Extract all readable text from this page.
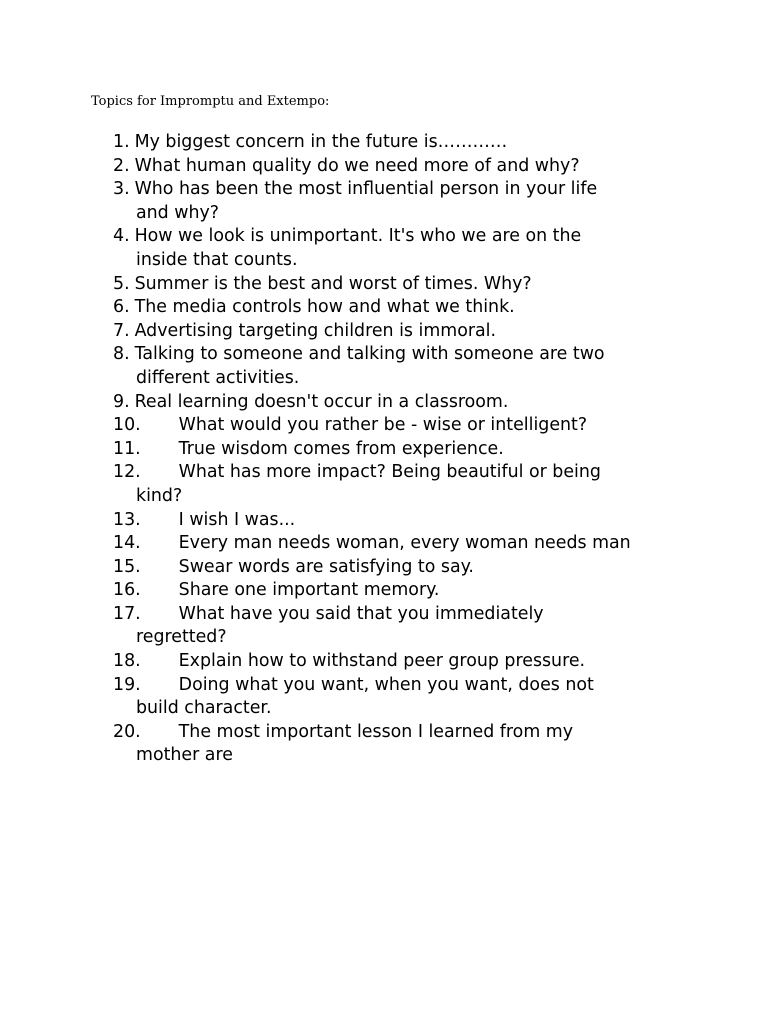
Topics for Impromptu and Extempo:
1. My biggest concern in the future is…………
2. What human quality do we need more of and why?
3. Who has been the most influential person in your life
and why?
4. How we look is unimportant. It's who we are on the
inside that counts.
5. Summer is the best and worst of times. Why?
6. The media controls how and what we think.
7. Advertising targeting children is immoral.
8. Talking to someone and talking with someone are two
different activities.
9. Real learning doesn't occur in a classroom.
10. What would you rather be - wise or intelligent?
11. True wisdom comes from experience.
12. What has more impact? Being beautiful or being
kind?
13. I wish I was...
14. Every man needs woman, every woman needs man
15. Swear words are satisfying to say.
16. Share one important memory.
17. What have you said that you immediately
regretted?
18. Explain how to withstand peer group pressure.
19. Doing what you want, when you want, does not
build character.
20. The most important lesson I learned from my
mother are
